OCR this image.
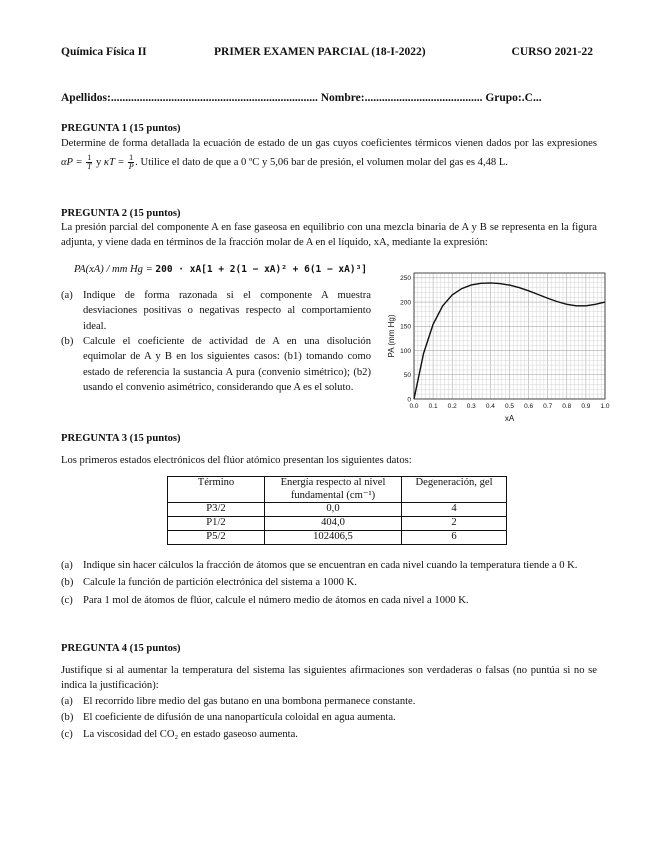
Química Física II	PRIMER EXAMEN PARCIAL (18-I-2022)	CURSO 2021-22
Apellidos:........................................................................ Nombre:......................................... Grupo:.C...
PREGUNTA 1 (15 puntos)
Determine de forma detallada la ecuación de estado de un gas cuyos coeficientes térmicos vienen dados por las expresiones $\alpha P = \frac{1}{T}$ y $\kappa T = \frac{1}{P}$ . Utilice el dato de que a 0 ºC y 5,06 bar de presión, el volumen molar del gas es 4,48 L.
PREGUNTA 2 (15 puntos)
La presión parcial del componente A en fase gaseosa en equilibrio con una mezcla binaria de A y B se representa en la figura adjunta, y viene dada en términos de la fracción molar de A en el líquido, xA, mediante la expresión:
PA(xA) / mm Hg = 200 · xA[1 + 2(1 − xA)² + 6(1 − xA)³]
(a) Indique de forma razonada si el componente A muestra desviaciones positivas o negativas respecto al comportamiento ideal.
(b) Calcule el coeficiente de actividad de A en una disolución equimolar de A y B en los siguientes casos: (b1) tomando como estado de referencia la sustancia A pura (convenio simétrico); (b2) usando el convenio asimétrico, considerando que A es el soluto.
0.0 0.1 0.2 0.3 0.4 0.5 0.6 0.7 0.8 0.9 1.0
0
50
100
150
200
250
xA
PA (mm Hg)
PREGUNTA 3 (15 puntos)
Los primeros estados electrónicos del flúor atómico presentan los siguientes datos:
Término	Energía respecto al nivel fundamental (cm⁻¹)	Degeneración, gel
P3/2	0,0	4
P1/2	404,0	2
P5/2	102406,5	6
(a) Indique sin hacer cálculos la fracción de átomos que se encuentran en cada nivel cuando la temperatura tiende a 0 K.
(b) Calcule la función de partición electrónica del sistema a 1000 K.
(c) Para 1 mol de átomos de flúor, calcule el número medio de átomos en cada nivel a 1000 K.
PREGUNTA 4 (15 puntos)
Justifique si al aumentar la temperatura del sistema las siguientes afirmaciones son verdaderas o falsas (no puntúa si no se indica la justificación):
(a) El recorrido libre medio del gas butano en una bombona permanece constante.
(b) El coeficiente de difusión de una nanopartícula coloidal en agua aumenta.
(c) La viscosidad del CO₂ en estado gaseoso aumenta.
